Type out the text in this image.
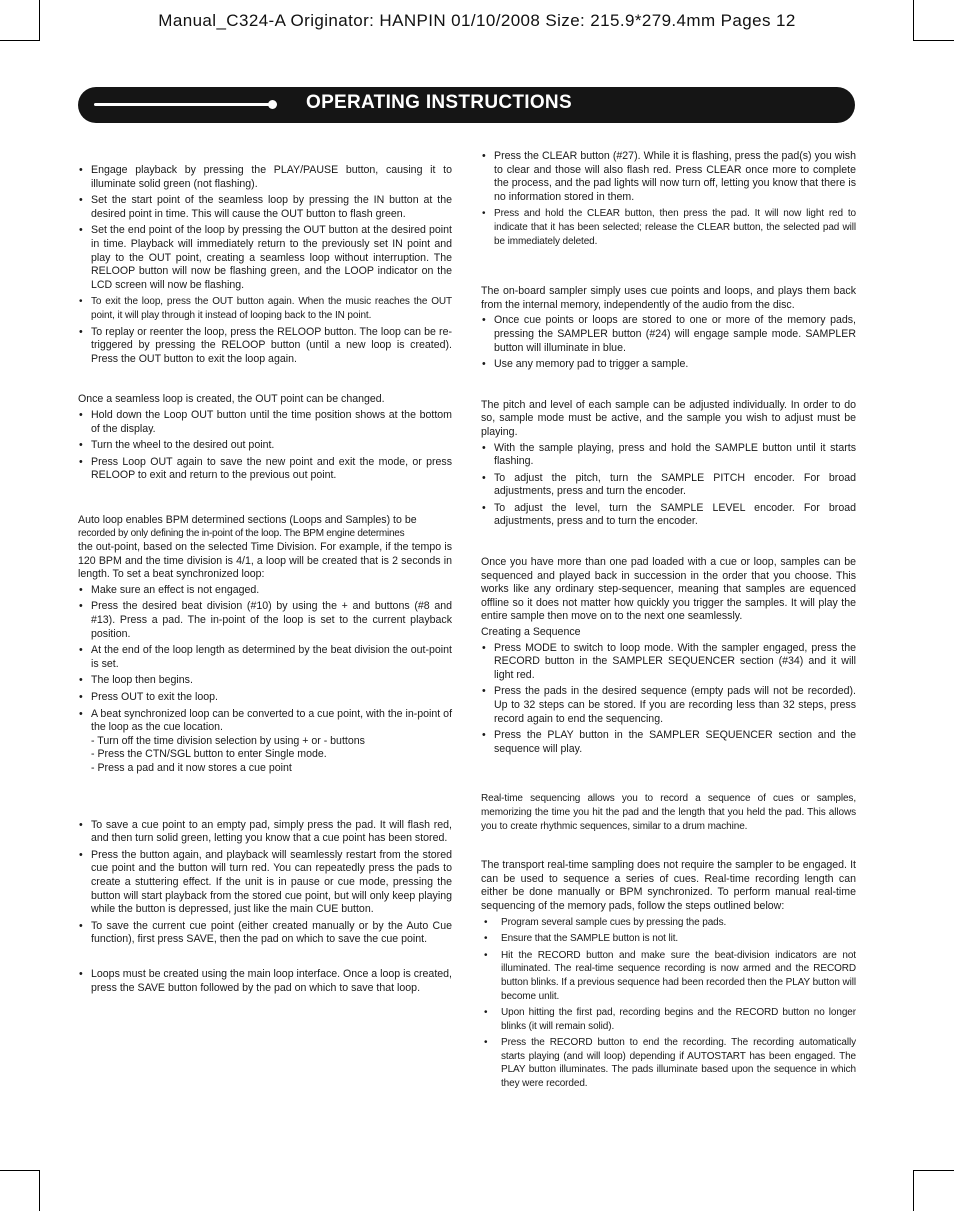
Manual_C324-A Originator: HANPIN 01/10/2008 Size: 215.9*279.4mm Pages 12
OPERATING INSTRUCTIONS
• Engage playback by pressing the PLAY/PAUSE button, causing it to illuminate solid green (not flashing).
• Set the start point of the seamless loop by pressing the IN button at the desired point in time. This will cause the OUT button to flash green.
• Set the end point of the loop by pressing the OUT button at the desired point in time. Playback will immediately return to the previously set IN point and play to the OUT point, creating a seamless loop without interruption. The RELOOP button will now be flashing green, and the LOOP indicator on the LCD screen will now be flashing.
• To exit the loop, press the OUT button again. When the music reaches the OUT point, it will play through it instead of looping back to the IN point.
• To replay or reenter the loop, press the RELOOP button. The loop can be re-triggered by pressing the RELOOP button (until a new loop is created). Press the OUT button to exit the loop again.

Once a seamless loop is created, the OUT point can be changed.

• Hold down the Loop OUT button until the time position shows at the bottom of the display.
• Turn the wheel to the desired out point.
• Press Loop OUT again to save the new point and exit the mode, or press RELOOP to exit and return to the previous out point.

Auto loop enables BPM determined sections (Loops and Samples) to be

recorded by only defining the in-point of the loop. The BPM engine determines

the out-point, based on the selected Time Division. For example, if the tempo is 120 BPM and the time division is 4/1, a loop will be created that is 2 seconds in length. To set a beat synchronized loop:

• Make sure an effect is not engaged.
• Press the desired beat division (#10) by using the + and buttons (#8 and #13). Press a pad. The in-point of the loop is set to the current playback position.
• At the end of the loop length as determined by the beat division the out-point is set.
• The loop then begins.
• Press OUT to exit the loop.
• A beat synchronized loop can be converted to a cue point, with the in-point of the loop as the cue location.
- Turn off the time division selection by using + or - buttons
- Press the CTN/SGL button to enter Single mode.
- Press a pad and it now stores a cue point
• To save a cue point to an empty pad, simply press the pad. It will flash red, and then turn solid green, letting you know that a cue point has been stored.
• Press the button again, and playback will seamlessly restart from the stored cue point and the button will turn red. You can repeatedly press the pads to create a stuttering effect. If the unit is in pause or cue mode, pressing the button will start playback from the stored cue point, but will only keep playing while the button is depressed, just like the main CUE button.
• To save the current cue point (either created manually or by the Auto Cue function), first press SAVE, then the pad on which to save the cue point.
• Loops must be created using the main loop interface. Once a loop is created, press the SAVE button followed by the pad on which to save that loop.
• Press the CLEAR button (#27). While it is flashing, press the pad(s) you wish to clear and those will also flash red. Press CLEAR once more to complete the process, and the pad lights will now turn off, letting you know that there is no information stored in them.
• Press and hold the CLEAR button, then press the pad. It will now light red to indicate that it has been selected; release the CLEAR button, the selected pad will be immediately deleted.

The on-board sampler simply uses cue points and loops, and plays them back from the internal memory, independently of the audio from the disc.

• Once cue points or loops are stored to one or more of the memory pads, pressing the SAMPLER button (#24) will engage sample mode. SAMPLER button will illuminate in blue.
• Use any memory pad to trigger a sample.

The pitch and level of each sample can be adjusted individually. In order to do so, sample mode must be active, and the sample you wish to adjust must be playing.

• With the sample playing, press and hold the SAMPLE button until it starts flashing.
• To adjust the pitch, turn the SAMPLE PITCH encoder. For broad adjustments, press and turn the encoder.
• To adjust the level, turn the SAMPLE LEVEL encoder. For broad adjustments, press and to turn the encoder.

Once you have more than one pad loaded with a cue or loop, samples can be sequenced and played back in succession in the order that you choose. This works like any ordinary step-sequencer, meaning that samples are equenced offline so it does not matter how quickly you trigger the samples. It will play the entire sample then move on to the next one seamlessly.

Creating a Sequence

• Press MODE to switch to loop mode. With the sampler engaged, press the RECORD button in the SAMPLER SEQUENCER section (#34) and it will light red.
• Press the pads in the desired sequence (empty pads will not be recorded). Up to 32 steps can be stored. If you are recording less than 32 steps, press record again to end the sequencing.
• Press the PLAY button in the SAMPLER SEQUENCER section and the sequence will play.

Real-time sequencing allows you to record a sequence of cues or samples, memorizing the time you hit the pad and the length that you held the pad. This allows you to create rhythmic sequences, similar to a drum machine.

The transport real-time sampling does not require the sampler to be engaged. It can be used to sequence a series of cues. Real-time recording length can either be done manually or BPM synchronized. To perform manual real-time sequencing of the memory pads, follow the steps outlined below:

• Program several sample cues by pressing the pads.
• Ensure that the SAMPLE button is not lit.
• Hit the RECORD button and make sure the beat-division indicators are not illuminated. The real-time sequence recording is now armed and the RECORD button blinks. If a previous sequence had been recorded then the PLAY button will become unlit.
• Upon hitting the first pad, recording begins and the RECORD button no longer blinks (it will remain solid).
• Press the RECORD button to end the recording. The recording automatically starts playing (and will loop) depending if AUTOSTART has been engaged. The PLAY button illuminates. The pads illuminate based upon the sequence in which they were recorded.
